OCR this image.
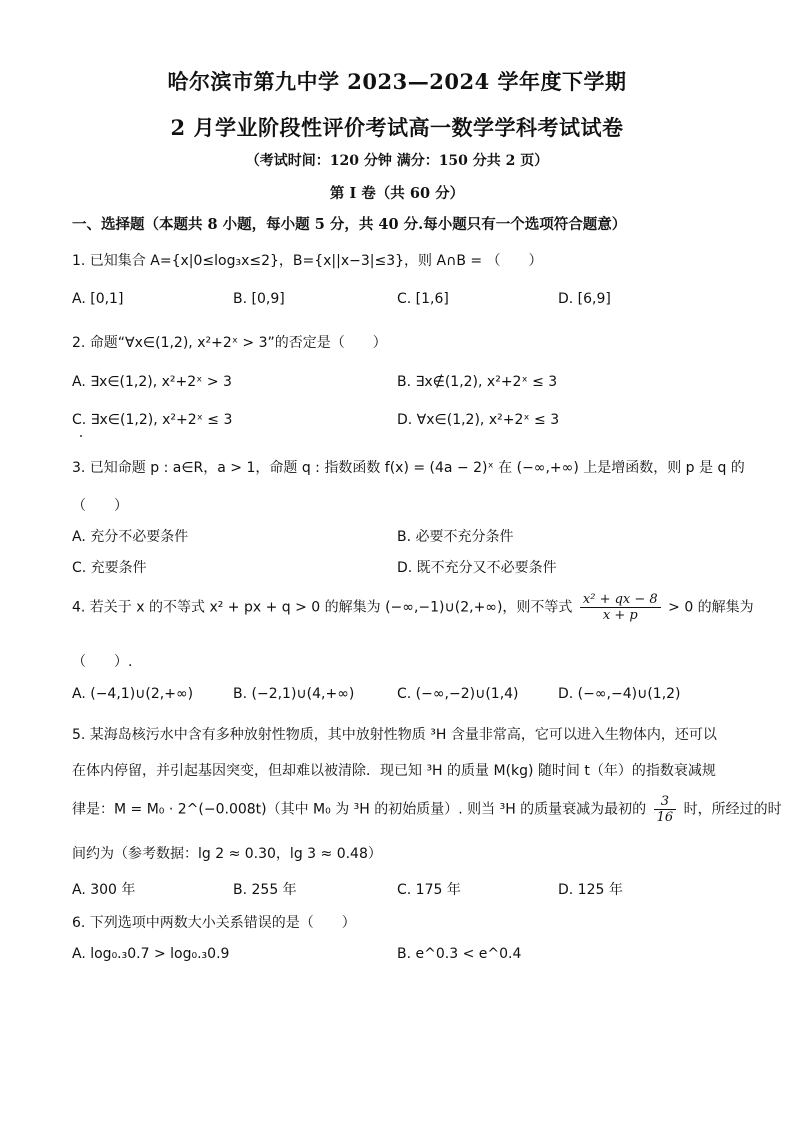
哈尔滨市第九中学 2023—2024 学年度下学期
2 月学业阶段性评价考试高一数学学科考试试卷
（考试时间：120 分钟 满分：150 分共 2 页）
第 I 卷（共 60 分）
一、选择题（本题共 8 小题，每小题 5 分，共 40 分.每小题只有一个选项符合题意）
1. 已知集合 A={x|0≤log₃x≤2}，B={x||x−3|≤3}，则 A∩B = （　　）
A. [0,1]	B. [0,9]	C. [1,6]	D. [6,9]
2. 命题“∀x∈(1,2), x²+2ˣ > 3”的否定是（　　）
A. ∃x∈(1,2), x²+2ˣ > 3	B. ∃x∉(1,2), x²+2ˣ ≤ 3
C. ∃x∈(1,2), x²+2ˣ ≤ 3	D. ∀x∈(1,2), x²+2ˣ ≤ 3
3. 已知命题 p : a∈R，a > 1，命题 q : 指数函数 f(x) = (4a − 2)ˣ 在 (−∞,+∞) 上是增函数，则 p 是 q 的
（　　）
A. 充分不必要条件	B. 必要不充分条件
C. 充要条件	D. 既不充分又不必要条件
4. 若关于 x 的不等式 x² + px + q > 0 的解集为 (−∞,−1)∪(2,+∞)，则不等式 $\frac{\text{x² + qx − 8}}{x + p} > 0$ 的解集为
（　　）.
A. (−4,1)∪(2,+∞)	B. (−2,1)∪(4,+∞)	C. (−∞,−2)∪(1,4)	D. (−∞,−4)∪(1,2)
5. 某海岛核污水中含有多种放射性物质，其中放射性物质 ³H 含量非常高，它可以进入生物体内，还可以
在体内停留，并引起基因突变，但却难以被清除．现已知 ³H 的质量 M(kg) 随时间 t（年）的指数衰减规
律是：M = M₀ · 2^(−0.008t)（其中 M₀ 为 ³H 的初始质量）. 则当 ³H 的质量衰减为最初的 $\frac{3}{16}$ 时，所经过的时
间约为（参考数据：lg 2 ≈ 0.30，lg 3 ≈ 0.48）
A. 300 年	B. 255 年	C. 175 年	D. 125 年
6. 下列选项中两数大小关系错误的是（　　）
A. log₀.₃0.7 > log₀.₃0.9	B. e^0.3 < e^0.4
